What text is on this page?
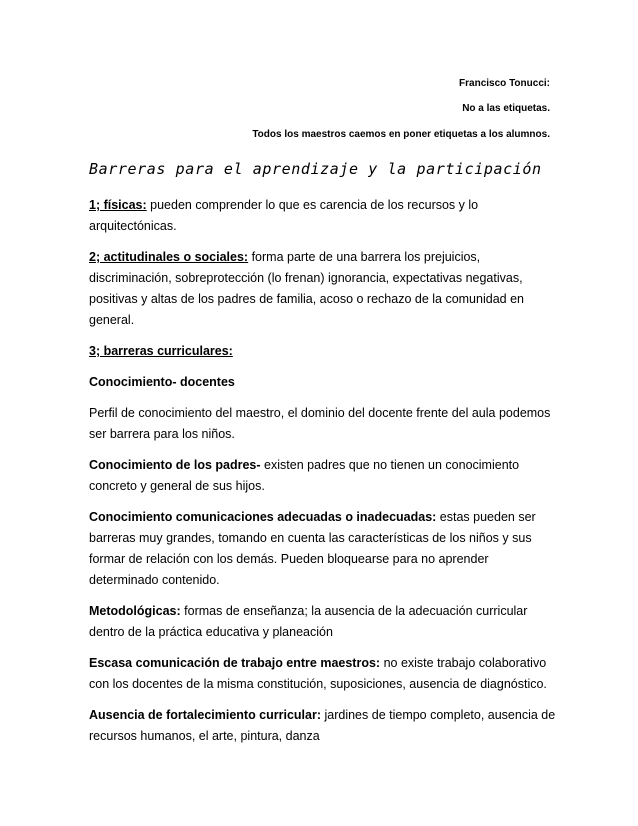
Francisco Tonucci:
No a las etiquetas.
Todos los maestros caemos en poner etiquetas a los alumnos.
Barreras para el aprendizaje y la participación

1; físicas: pueden comprender lo que es carencia de los recursos y lo arquitectónicas.

2; actitudinales o sociales: forma parte de una barrera los prejuicios, discriminación, sobreprotección (lo frenan) ignorancia, expectativas negativas, positivas y altas de los padres de familia, acoso o rechazo de la comunidad en general.

3; barreras curriculares:

Conocimiento- docentes

Perfil de conocimiento del maestro, el dominio del docente frente del aula podemos ser barrera para los niños.

Conocimiento de los padres- existen padres que no tienen un conocimiento concreto y general de sus hijos.

Conocimiento comunicaciones adecuadas o inadecuadas: estas pueden ser barreras muy grandes, tomando en cuenta las características de los niños y sus formar de relación con los demás. Pueden bloquearse para no aprender determinado contenido.

Metodológicas: formas de enseñanza; la ausencia de la adecuación curricular dentro de la práctica educativa y planeación

Escasa comunicación de trabajo entre maestros: no existe trabajo colaborativo con los docentes de la misma constitución, suposiciones, ausencia de diagnóstico.

Ausencia de fortalecimiento curricular: jardines de tiempo completo, ausencia de recursos humanos, el arte, pintura, danza
